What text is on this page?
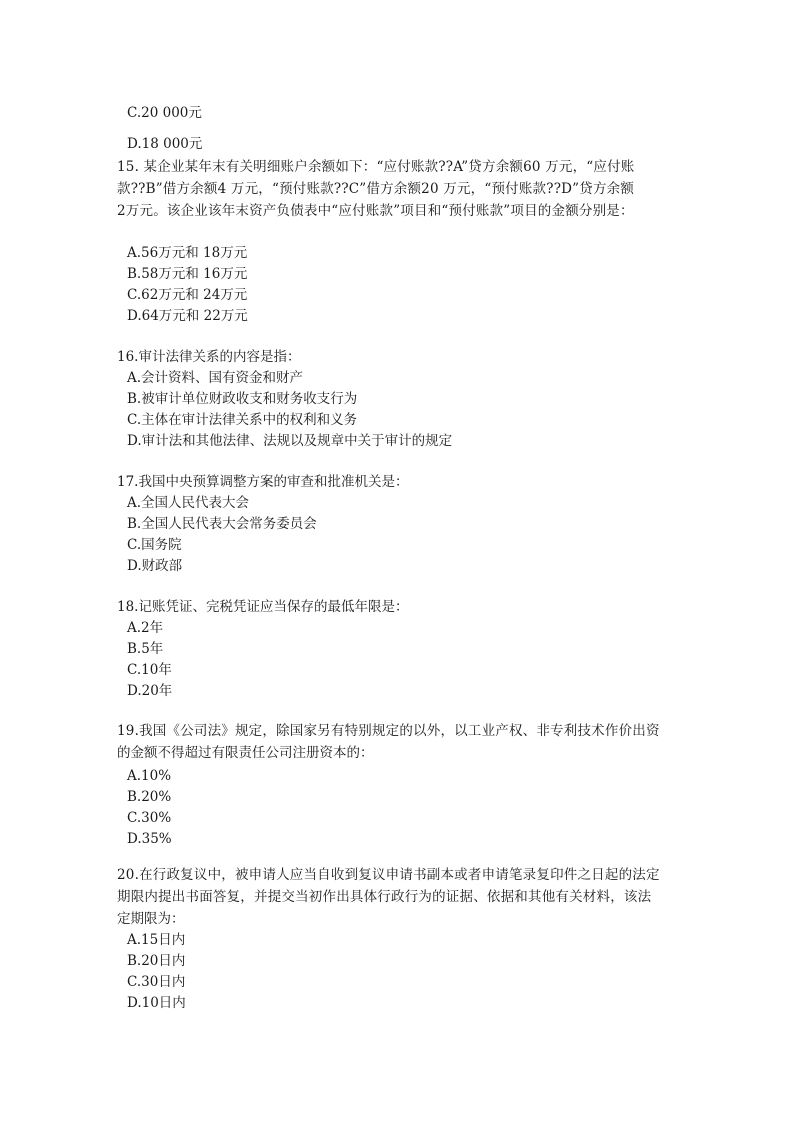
C.20 000元
D.18 000元
15. 某企业某年末有关明细账户余额如下：“应付账款??A”贷方余额60 万元，“应付账
款??B”借方余额4 万元，“预付账款??C”借方余额20 万元，“预付账款??D”贷方余额
2万元。该企业该年末资产负债表中“应付账款”项目和“预付账款”项目的金额分别是：
A.56万元和 18万元
B.58万元和 16万元
C.62万元和 24万元
D.64万元和 22万元
16.审计法律关系的内容是指：
A.会计资料、国有资金和财产
B.被审计单位财政收支和财务收支行为
C.主体在审计法律关系中的权利和义务
D.审计法和其他法律、法规以及规章中关于审计的规定
17.我国中央预算调整方案的审查和批准机关是：
A.全国人民代表大会
B.全国人民代表大会常务委员会
C.国务院
D.财政部
18.记账凭证、完税凭证应当保存的最低年限是：
A.2年
B.5年
C.10年
D.20年
19.我国《公司法》规定，除国家另有特别规定的以外，以工业产权、非专利技术作价出资
的金额不得超过有限责任公司注册资本的：
A.10%
B.20%
C.30%
D.35%
20.在行政复议中，被申请人应当自收到复议申请书副本或者申请笔录复印件之日起的法定
期限内提出书面答复，并提交当初作出具体行政行为的证据、依据和其他有关材料，该法
定期限为：
A.15日内
B.20日内
C.30日内
D.10日内
